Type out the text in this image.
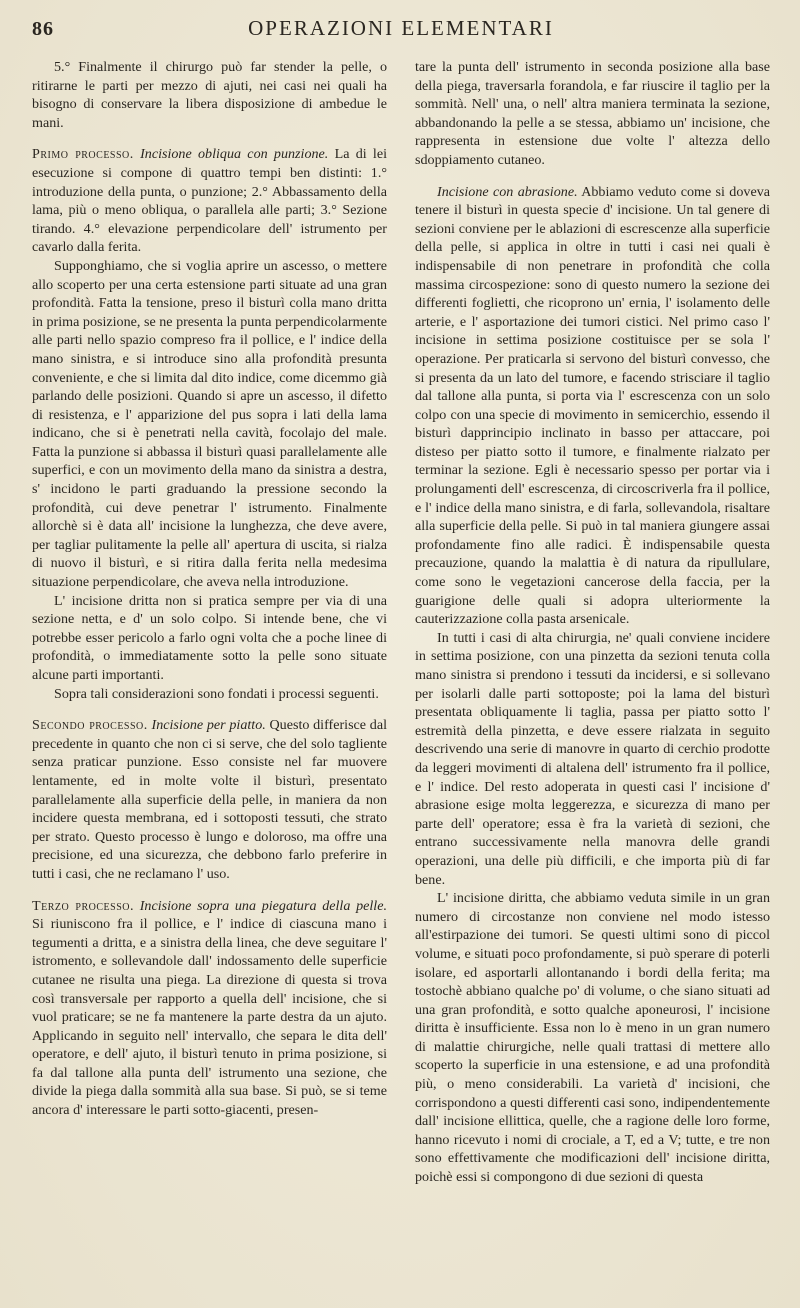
86	OPERAZIONI ELEMENTARI

5.° Finalmente il chirurgo può far stender la pelle, o ritirarne le parti per mezzo di ajuti, nei casi nei quali ha bisogno di conservare la libera disposizione di ambedue le mani.

Primo processo. Incisione obliqua con punzione. La di lei esecuzione si compone di quattro tempi ben distinti: 1.° introduzione della punta, o punzione; 2.° Abbassamento della lama, più o meno obliqua, o parallela alle parti; 3.° Sezione tirando. 4.° elevazione perpendicolare dell' istrumento per cavarlo dalla ferita.

Supponghiamo, che si voglia aprire un ascesso, o mettere allo scoperto per una certa estensione parti situate ad una gran profondità. Fatta la tensione, preso il bisturì colla mano dritta in prima posizione, se ne presenta la punta perpendicolarmente alle parti nello spazio compreso fra il pollice, e l' indice della mano sinistra, e si introduce sino alla profondità presunta conveniente, e che si limita dal dito indice, come dicemmo già parlando delle posizioni. Quando si apre un ascesso, il difetto di resistenza, e l' apparizione del pus sopra i lati della lama indicano, che si è penetrati nella cavità, focolajo del male. Fatta la punzione si abbassa il bisturì quasi parallelamente alle superfici, e con un movimento della mano da sinistra a destra, s' incidono le parti graduando la pressione secondo la profondità, cui deve penetrar l' istrumento. Finalmente allorchè si è data all' incisione la lunghezza, che deve avere, per tagliar pulitamente la pelle all' apertura di uscita, si rialza di nuovo il bisturì, e si ritira dalla ferita nella medesima situazione perpendicolare, che aveva nella introduzione.

L' incisione dritta non si pratica sempre per via di una sezione netta, e d' un solo colpo. Si intende bene, che vi potrebbe esser pericolo a farlo ogni volta che a poche linee di profondità, o immediatamente sotto la pelle sono situate alcune parti importanti.

Sopra tali considerazioni sono fondati i processi seguenti.

Secondo processo. Incisione per piatto. Questo differisce dal precedente in quanto che non ci si serve, che del solo tagliente senza praticar punzione. Esso consiste nel far muovere lentamente, ed in molte volte il bisturì, presentato parallelamente alla superficie della pelle, in maniera da non incidere questa membrana, ed i sottoposti tessuti, che strato per strato. Questo processo è lungo e doloroso, ma offre una precisione, ed una sicurezza, che debbono farlo preferire in tutti i casi, che ne reclamano l' uso.

Terzo processo. Incisione sopra una piegatura della pelle. Si riuniscono fra il pollice, e l' indice di ciascuna mano i tegumenti a dritta, e a sinistra della linea, che deve seguitare l' istromento, e sollevandole dall' indossamento delle superficie cutanee ne risulta una piega. La direzione di questa si trova così transversale per rapporto a quella dell' incisione, che si vuol praticare; se ne fa mantenere la parte destra da un ajuto. Applicando in seguito nell' intervallo, che separa le dita dell' operatore, e dell' ajuto, il bisturì tenuto in prima posizione, si fa dal tallone alla punta dell' istrumento una sezione, che divide la piega dalla sommità alla sua base. Si può, se si teme ancora d' interessare le parti sotto-giacenti, presen-

tare la punta dell' istrumento in seconda posizione alla base della piega, traversarla forandola, e far riuscire il taglio per la sommità. Nell' una, o nell' altra maniera terminata la sezione, abbandonando la pelle a se stessa, abbiamo un' incisione, che rappresenta in estensione due volte l' altezza dello sdoppiamento cutaneo.

Incisione con abrasione. Abbiamo veduto come si doveva tenere il bisturì in questa specie d' incisione. Un tal genere di sezioni conviene per le ablazioni di escrescenze alla superficie della pelle, si applica in oltre in tutti i casi nei quali è indispensabile di non penetrare in profondità che colla massima circospezione: sono di questo numero la sezione dei differenti foglietti, che ricoprono un' ernia, l' isolamento delle arterie, e l' asportazione dei tumori cistici. Nel primo caso l' incisione in settima posizione costituisce per se sola l' operazione. Per praticarla si servono del bisturì convesso, che si presenta da un lato del tumore, e facendo strisciare il taglio dal tallone alla punta, si porta via l' escrescenza con un solo colpo con una specie di movimento in semicerchio, essendo il bisturì dapprincipio inclinato in basso per attaccare, poi disteso per piatto sotto il tumore, e finalmente rialzato per terminar la sezione. Egli è necessario spesso per portar via i prolungamenti dell' escrescenza, di circoscriverla fra il pollice, e l' indice della mano sinistra, e di farla, sollevandola, risaltare alla superficie della pelle. Si può in tal maniera giungere assai profondamente fino alle radici. È indispensabile questa precauzione, quando la malattia è di natura da ripullulare, come sono le vegetazioni cancerose della faccia, per la guarigione delle quali si adopra ulteriormente la cauterizzazione colla pasta arsenicale.

In tutti i casi di alta chirurgia, ne' quali conviene incidere in settima posizione, con una pinzetta da sezioni tenuta colla mano sinistra si prendono i tessuti da incidersi, e si sollevano per isolarli dalle parti sottoposte; poi la lama del bisturì presentata obliquamente li taglia, passa per piatto sotto l' estremità della pinzetta, e deve essere rialzata in seguito descrivendo una serie di manovre in quarto di cerchio prodotte da leggeri movimenti di altalena dell' istrumento fra il pollice, e l' indice. Del resto adoperata in questi casi l' incisione d' abrasione esige molta leggerezza, e sicurezza di mano per parte dell' operatore; essa è fra la varietà di sezioni, che entrano successivamente nella manovra delle grandi operazioni, una delle più difficili, e che importa più di far bene.

L' incisione diritta, che abbiamo veduta simile in un gran numero di circostanze non conviene nel modo istesso all'estirpazione dei tumori. Se questi ultimi sono di piccol volume, e situati poco profondamente, si può sperare di poterli isolare, ed asportarli allontanando i bordi della ferita; ma tostochè abbiano qualche po' di volume, o che siano situati ad una gran profondità, e sotto qualche aponeurosi, l' incisione diritta è insufficiente. Essa non lo è meno in un gran numero di malattie chirurgiche, nelle quali trattasi di mettere allo scoperto la superficie in una estensione, e ad una profondità più, o meno considerabili. La varietà d' incisioni, che corrispondono a questi differenti casi sono, indipendentemente dall' incisione ellittica, quelle, che a ragione delle loro forme, hanno ricevuto i nomi di crociale, a T, ed a V; tutte, e tre non sono effettivamente che modificazioni dell' incisione diritta, poichè essi si compongono di due sezioni di questa
